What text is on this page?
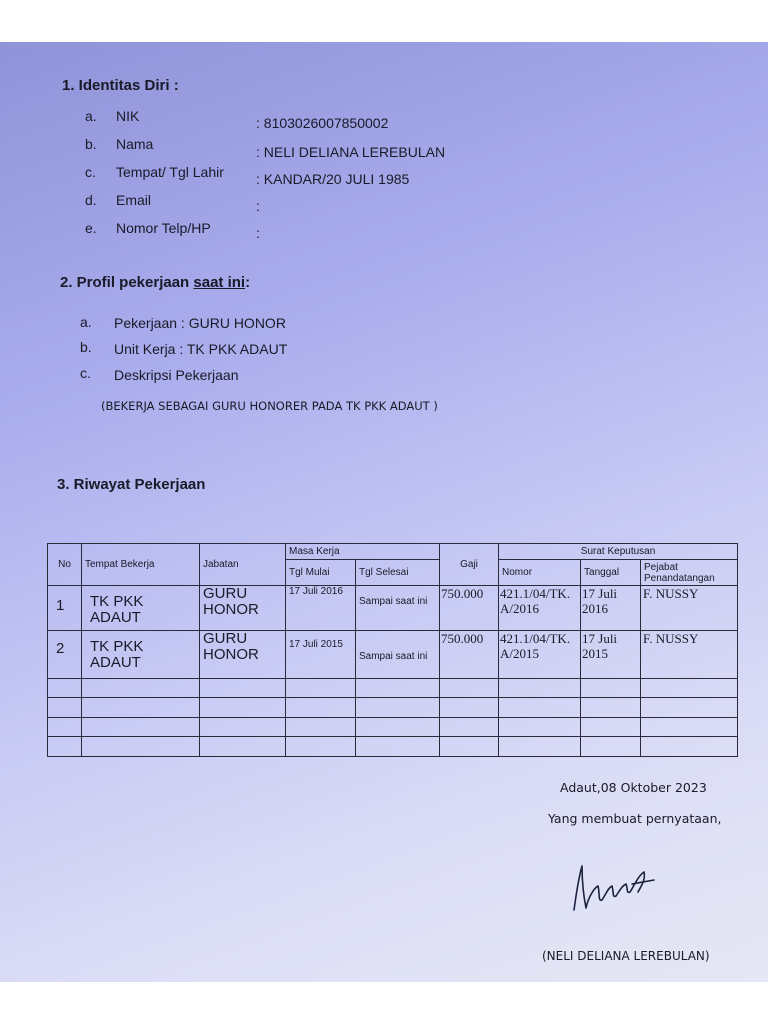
1. Identitas Diri :
a. NIK	: 8103026007850002
b. Nama	: NELI DELIANA LEREBULAN
c. Tempat/ Tgl Lahir : KANDAR/20 JULI 1985
d. Email	:
e. Nomor Telp/HP	:
2. Profil pekerjaan saat ini:
a. Pekerjaan : GURU HONOR
b. Unit Kerja : TK PKK ADAUT
c. Deskripsi Pekerjaan
(BEKERJA SEBAGAI GURU HONORER PADA TK PKK ADAUT )
3. Riwayat Pekerjaan
No	Tempat Bekerja	Jabatan	Masa Kerja		Gaji	Surat Keputusan		
			Tgl Mulai	Tgl Selesai		Nomor	Tanggal	Pejabat Penandatangan
1	TK PKK ADAUT	GURU HONOR	17 Juli 2016	Sampai saat ini	750.000	421.1/04/TK. A/2016	17 Juli 2016	F. NUSSY
2	TK PKK ADAUT	GURU HONOR	17 Juli 2015	Sampai saat ini	750.000	421.1/04/TK. A/2015	17 Juli 2015	F. NUSSY

Adaut,08 Oktober 2023
Yang membuat pernyataan,
(NELI DELIANA LEREBULAN)
